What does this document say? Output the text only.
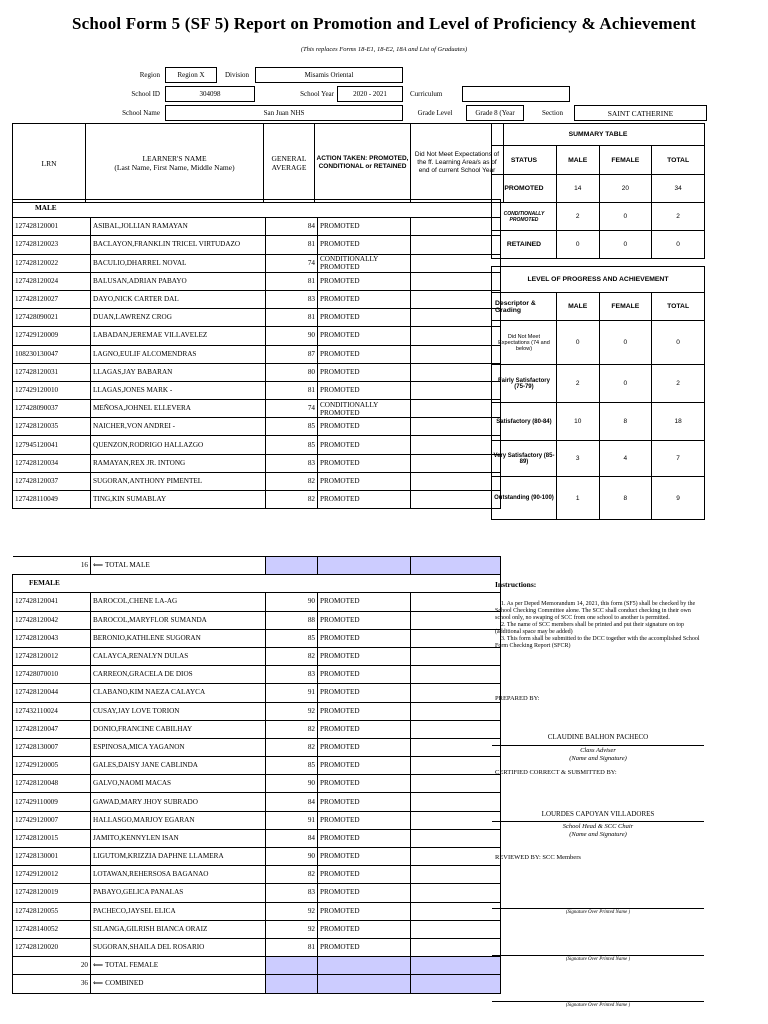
School Form 5 (SF 5) Report on Promotion and Level of Proficiency & Achievement
(This replaces Forms 18-E1, 18-E2, 18A and List of Graduates)
Region	Region X	Division	Misamis Oriental
School ID	304098	School Year	2020 - 2021	Curriculum
School Name	San Juan NHS	Grade Level	Grade 8 (Year	Section	SAINT CATHERINE
LRN	LEARNER'S NAME
(Last Name, First Name, Middle Name)
	GENERAL AVERAGE	ACTION TAKEN: PROMOTED, CONDITIONAL or RETAINED	Did Not Meet Expectations of the ff. Learning Area/s as of end of current School Year
MALE				
127428120001	ASIBAL,JOLLIAN RAMAYAN	84	PROMOTED	
127428120023	BACLAYON,FRANKLIN TRICEL VIRTUDAZO	81	PROMOTED	
127428120022	BACULIO,DHARREL NOVAL	74	CONDITIONALLY PROMOTED	
127428120024	BALUSAN,ADRIAN PABAYO	81	PROMOTED	
127428120027	DAYO,NICK CARTER DAL	83	PROMOTED	
127428090021	DUAN,LAWRENZ CROG	81	PROMOTED	
127429120009	LABADAN,JEREMAE VILLAVELEZ	90	PROMOTED	
108230130047	LAGNO,EULIF ALCOMENDRAS	87	PROMOTED	
127428120031	LLAGAS,JAY BABARAN	80	PROMOTED	
127429120010	LLAGAS,JONES MARK -	81	PROMOTED	
127428090037	MEÑOSA,JOHNEL ELLEVERA	74	CONDITIONALLY PROMOTED	
127428120035	NAICHER,VON ANDREI -	85	PROMOTED	
127945120041	QUENZON,RODRIGO HALLAZGO	85	PROMOTED	
127428120034	RAMAYAN,REX JR. INTONG	83	PROMOTED	
127428120037	SUGORAN,ANTHONY PIMENTEL	82	PROMOTED	
127428110049	TING,KIN SUMABLAY	82	PROMOTED	
16	⟸ TOTAL MALE			
FEMALE				
127428120041	BAROCOL,CHENE LA-AG	90	PROMOTED	
127428120042	BAROCOL,MARYFLOR SUMANDA	88	PROMOTED	
127428120043	BERONIO,KATHLENE SUGORAN	85	PROMOTED	
127428120012	CALAYCA,RENALYN DULAS	82	PROMOTED	
127428070010	CARREON,GRACELA DE DIOS	83	PROMOTED	
127428120044	CLABANO,KIM NAEZA CALAYCA	91	PROMOTED	
127432110024	CUSAY,JAY LOVE TORION	92	PROMOTED	
127428120047	DONIO,FRANCINE CABILHAY	82	PROMOTED	
127428130007	ESPINOSA,MICA YAGANON	82	PROMOTED	
127429120005	GALES,DAISY JANE CABLINDA	85	PROMOTED	
127428120048	GALVO,NAOMI MACAS	90	PROMOTED	
127429110009	GAWAD,MARY JHOY SUBRADO	84	PROMOTED	
127429120007	HALLASGO,MARJOY EGARAN	91	PROMOTED	
127428120015	JAMITO,KENNYLEN ISAN	84	PROMOTED	
127428130001	LIGUTOM,KRIZZIA DAPHNE LLAMERA	90	PROMOTED	
127429120012	LOTAWAN,REHERSOSA BAGANAO	82	PROMOTED	
127428120019	PABAYO,GELICA PANALAS	83	PROMOTED	
127428120055	PACHECO,JAYSEL ELICA	92	PROMOTED	
127428140052	SILANGA,GILRISH BIANCA ORAIZ	92	PROMOTED	
127428120020	SUGORAN,SHAILA DEL ROSARIO	81	PROMOTED	
20	⟸ TOTAL FEMALE			
36	⟸ COMBINED			
SUMMARY TABLE			
STATUS	MALE	FEMALE	TOTAL
PROMOTED	14	20	34
CONDITIONALLY PROMOTED	2	0	2
RETAINED	0	0	0
LEVEL OF PROGRESS AND ACHIEVEMENT			
Descriptor & Grading	MALE	FEMALE	TOTAL
Did Not Meet Expectations (74 and below)	0	0	0
Fairly Satisfactory (75-79)	2	0	2
Satisfactory (80-84)	10	8	18
Very Satisfactory (85-89)	3	4	7
Outstanding (90-100)	1	8	9
Instructions:
1. As per Deped Memorandum 14, 2021, this form (SF5) shall be checked by the School Checking Committee alone. The SCC shall conduct checking in their own school only, no swaping of SCC from one school to another is permitted.
2. The name of SCC members shall be printed and put their signature on top (additional space may be added)
3. This form shall be submitted to the DCC together with the accomplished School Form Checking Report (SFCR)
PREPARED BY:
CLAUDINE BALHON PACHECO
Class Adviser
(Name and Signature)
CERTIFIED CORRECT & SUBMITTED BY:
LOURDES CAPOYAN VILLADORES
School Head & SCC Chair
(Name and Signature)
REVIEWED BY: SCC Members
(Signature Over Printed Name )
(Signature Over Printed Name )
(Signature Over Printed Name )
